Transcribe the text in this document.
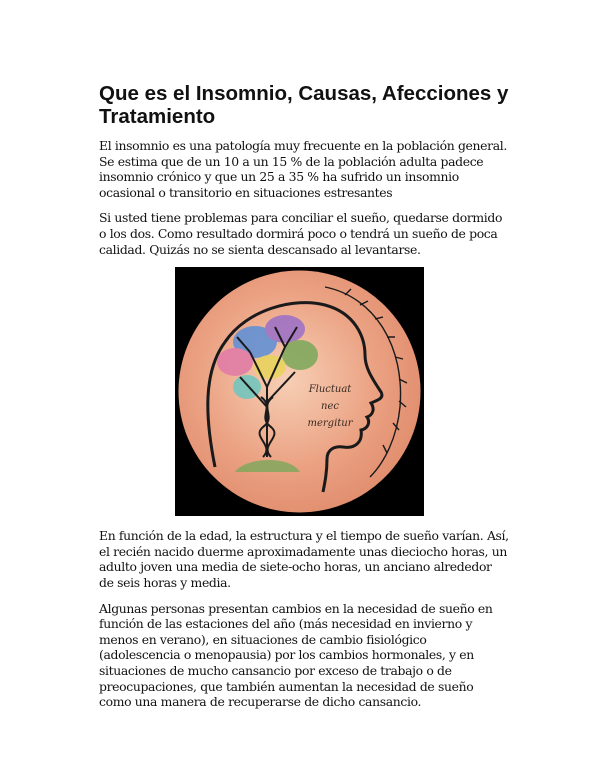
Que es el Insomnio, Causas, Afecciones y Tratamiento

El insomnio es una patología muy frecuente en la población general. Se estima que de un 10 a un 15 % de la población adulta padece insomnio crónico y que un 25 a 35 % ha sufrido un insomnio ocasional o transitorio en situaciones estresantes

Si usted tiene problemas para conciliar el sueño, quedarse dormido o los dos. Como resultado dormirá poco o tendrá un sueño de poca calidad. Quizás no se sienta descansado al levantarse.

Fluctuat
nec
mergitur

En función de la edad, la estructura y el tiempo de sueño varían. Así, el recién nacido duerme aproximadamente unas dieciocho horas, un adulto joven una media de siete-ocho horas, un anciano alrededor de seis horas y media.

Algunas personas presentan cambios en la necesidad de sueño en función de las estaciones del año (más necesidad en invierno y menos en verano), en situaciones de cambio fisiológico (adolescencia o menopausia) por los cambios hormonales, y en situaciones de mucho cansancio por exceso de trabajo o de preocupaciones, que también aumentan la necesidad de sueño como una manera de recuperarse de dicho cansancio.
